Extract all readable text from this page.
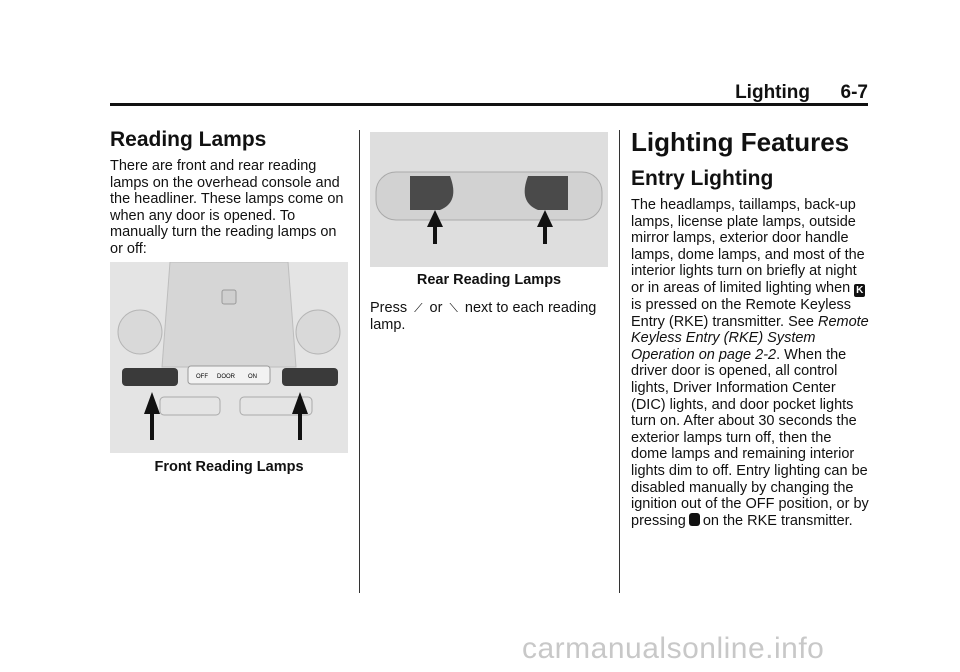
Lighting 6-7
Reading Lamps

There are front and rear reading lamps on the overhead console and the headliner. These lamps come on when any door is opened. To manually turn the reading lamps on or off:

OFF DOOR ON
Front Reading Lamps
Rear Reading Lamps
Press ⟋ or ⟍ next to each reading lamp.
Lighting Features
Entry Lighting

The headlamps, taillamps, back-up lamps, license plate lamps, outside mirror lamps, exterior door handle lamps, dome lamps, and most of the interior lights turn on briefly at night or in areas of limited lighting when Kis pressed on the Remote Keyless Entry (RKE) transmitter. See Remote Keyless Entry (RKE) System Operation on page 2-2. When the driver door is opened, all control lights, Driver Information Center (DIC) lights, and door pocket lights turn on. After about 30 seconds the exterior lamps turn off, then the dome lamps and remaining interior lights dim to off. Entry lighting can be disabled manually by changing the ignition out of the OFF position, or by pressing on the RKE transmitter.

carmanualsonline.info
